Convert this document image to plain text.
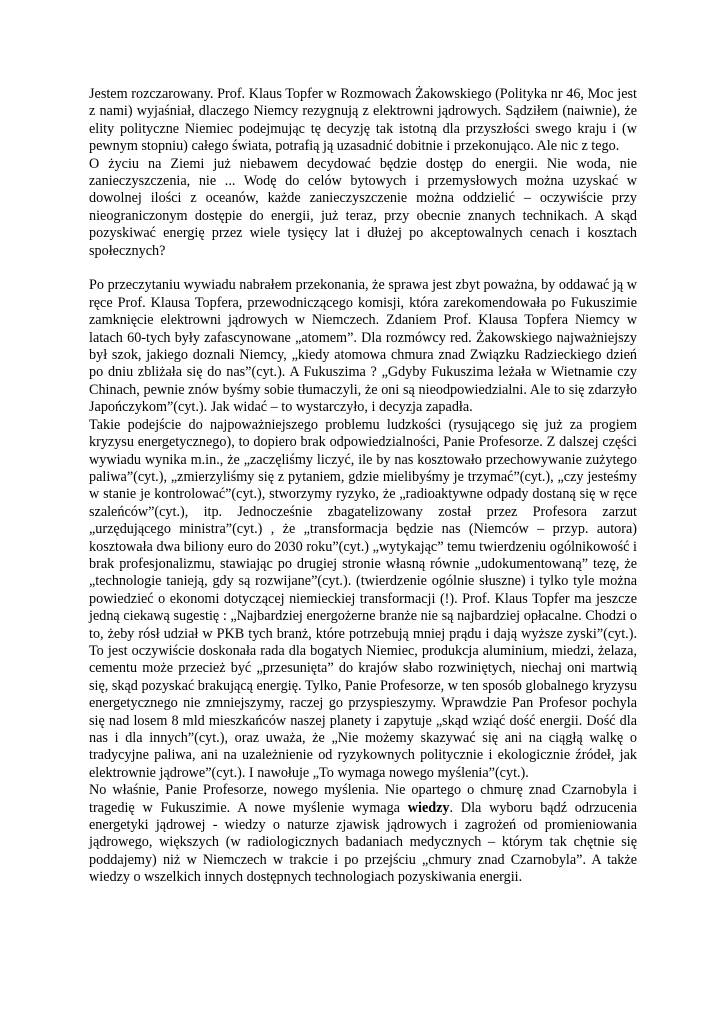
Jestem rozczarowany. Prof. Klaus Topfer w Rozmowach Żakowskiego (Polityka nr 46, Moc jest z nami) wyjaśniał, dlaczego Niemcy rezygnują z elektrowni jądrowych. Sądziłem (naiwnie), że elity polityczne Niemiec podejmując tę decyzję tak istotną dla przyszłości swego kraju i (w pewnym stopniu) całego świata, potrafią ją uzasadnić dobitnie i przekonująco. Ale nic z tego.

O życiu na Ziemi już niebawem decydować będzie dostęp do energii. Nie woda, nie zanieczyszczenia, nie ... Wodę do celów bytowych i przemysłowych można uzyskać w dowolnej ilości z oceanów, każde zanieczyszczenie można oddzielić – oczywiście przy nieograniczonym dostępie do energii, już teraz, przy obecnie znanych technikach. A skąd pozyskiwać energię przez wiele tysięcy lat i dłużej po akceptowalnych cenach i kosztach społecznych?

Po przeczytaniu wywiadu nabrałem przekonania, że sprawa jest zbyt poważna, by oddawać ją w ręce Prof. Klausa Topfera, przewodniczącego komisji, która zarekomendowała po Fukuszimie zamknięcie elektrowni jądrowych w Niemczech. Zdaniem Prof. Klausa Topfera Niemcy w latach 60-tych były zafascynowane „atomem”. Dla rozmówcy red. Żakowskiego najważniejszy był szok, jakiego doznali Niemcy, „kiedy atomowa chmura znad Związku Radzieckiego dzień po dniu zbliżała się do nas”(cyt.). A Fukuszima ? „Gdyby Fukuszima leżała w Wietnamie czy Chinach, pewnie znów byśmy sobie tłumaczyli, że oni są nieodpowiedzialni. Ale to się zdarzyło Japończykom”(cyt.). Jak widać – to wystarczyło, i decyzja zapadła.

Takie podejście do najpoważniejszego problemu ludzkości (rysującego się już za progiem kryzysu energetycznego), to dopiero brak odpowiedzialności, Panie Profesorze. Z dalszej części wywiadu wynika m.in., że „zaczęliśmy liczyć, ile by nas kosztowało przechowywanie zużytego paliwa”(cyt.), „zmierzyliśmy się z pytaniem, gdzie mielibyśmy je trzymać”(cyt.), „czy jesteśmy w stanie je kontrolować”(cyt.), stworzymy ryzyko, że „radioaktywne odpady dostaną się w ręce szaleńców”(cyt.), itp. Jednocześnie zbagatelizowany został przez Profesora zarzut „urzędującego ministra”(cyt.) , że „transformacja będzie nas (Niemców – przyp. autora) kosztowała dwa biliony euro do 2030 roku”(cyt.) „wytykając” temu twierdzeniu ogólnikowość i brak profesjonalizmu, stawiając po drugiej stronie własną równie „udokumentowaną” tezę, że „technologie tanieją, gdy są rozwijane”(cyt.). (twierdzenie ogólnie słuszne) i tylko tyle można powiedzieć o ekonomi dotyczącej niemieckiej transformacji (!). Prof. Klaus Topfer ma jeszcze jedną ciekawą sugestię : „Najbardziej energożerne branże nie są najbardziej opłacalne. Chodzi o to, żeby rósł udział w PKB tych branż, które potrzebują mniej prądu i dają wyższe zyski”(cyt.). To jest oczywiście doskonała rada dla bogatych Niemiec, produkcja aluminium, miedzi, żelaza, cementu może przecież być „przesunięta” do krajów słabo rozwiniętych, niechaj oni martwią się, skąd pozyskać brakującą energię. Tylko, Panie Profesorze, w ten sposób globalnego kryzysu energetycznego nie zmniejszymy, raczej go przyspieszymy. Wprawdzie Pan Profesor pochyla się nad losem 8 mld mieszkańców naszej planety i zapytuje „skąd wziąć dość energii. Dość dla nas i dla innych”(cyt.), oraz uważa, że „Nie możemy skazywać się ani na ciągłą walkę o tradycyjne paliwa, ani na uzależnienie od ryzykownych politycznie i ekologicznie źródeł, jak elektrownie jądrowe”(cyt.). I nawołuje „To wymaga nowego myślenia”(cyt.).

No właśnie, Panie Profesorze, nowego myślenia. Nie opartego o chmurę znad Czarnobyla i tragedię w Fukuszimie. A nowe myślenie wymaga wiedzy. Dla wyboru bądź odrzucenia energetyki jądrowej - wiedzy o naturze zjawisk jądrowych i zagrożeń od promieniowania jądrowego, większych (w radiologicznych badaniach medycznych – którym tak chętnie się poddajemy) niż w Niemczech w trakcie i po przejściu „chmury znad Czarnobyla”. A także wiedzy o wszelkich innych dostępnych technologiach pozyskiwania energii.
